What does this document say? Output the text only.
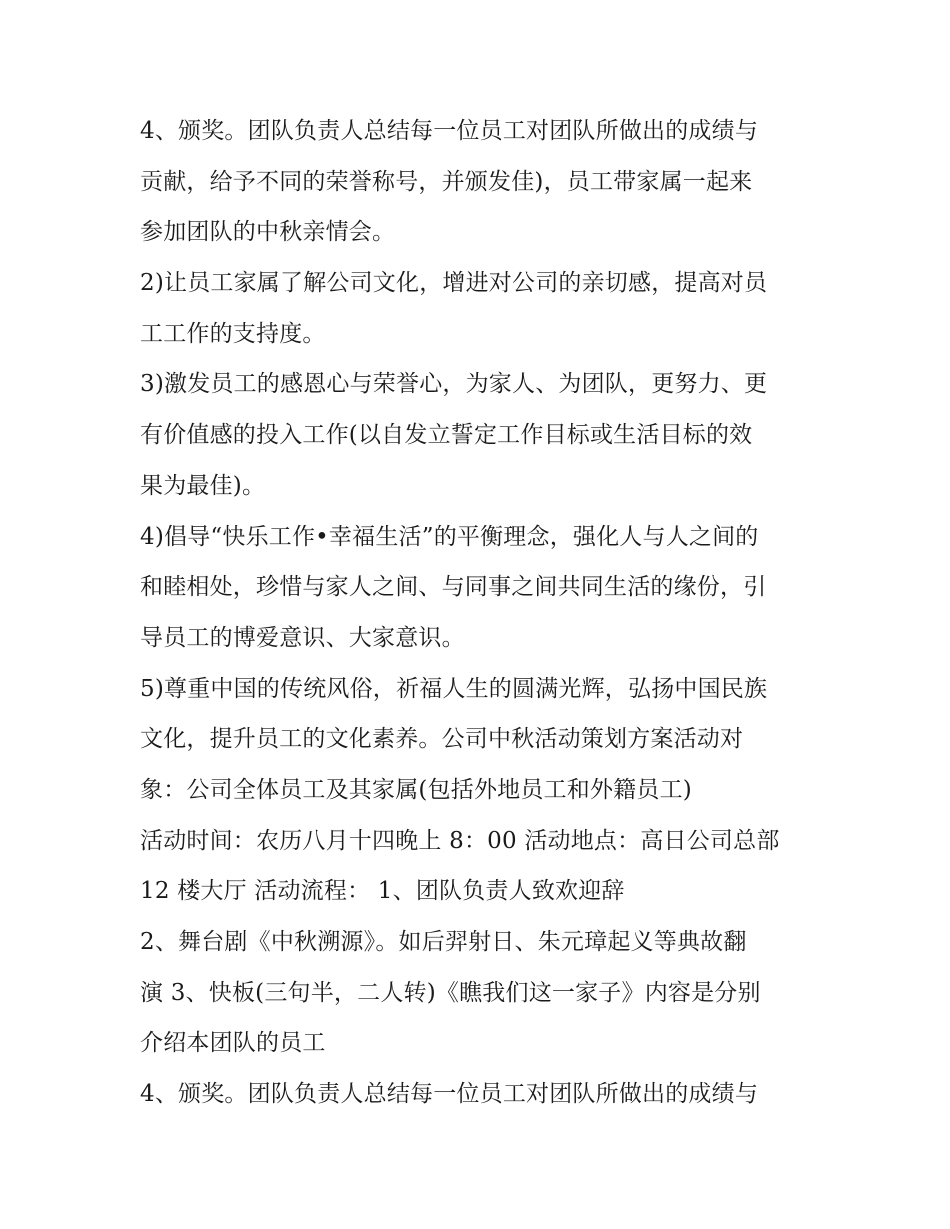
4、颁奖。团队负责人总结每一位员工对团队所做出的成绩与
贡献，给予不同的荣誉称号，并颁发佳)，员工带家属一起来
参加团队的中秋亲情会。
2)让员工家属了解公司文化，增进对公司的亲切感，提高对员
工工作的支持度。
3)激发员工的感恩心与荣誉心，为家人、为团队，更努力、更
有价值感的投入工作(以自发立誓定工作目标或生活目标的效
果为最佳)。
4)倡导“快乐工作•幸福生活”的平衡理念，强化人与人之间的
和睦相处，珍惜与家人之间、与同事之间共同生活的缘份，引
导员工的博爱意识、大家意识。
5)尊重中国的传统风俗，祈福人生的圆满光辉，弘扬中国民族
文化，提升员工的文化素养。公司中秋活动策划方案活动对
象：公司全体员工及其家属(包括外地员工和外籍员工)
活动时间：农历八月十四晚上 8：00 活动地点：高日公司总部
12 楼大厅 活动流程： 1、团队负责人致欢迎辞
2、舞台剧《中秋溯源》。如后羿射日、朱元璋起义等典故翻
演 3、快板(三句半，二人转)《瞧我们这一家子》内容是分别
介绍本团队的员工
4、颁奖。团队负责人总结每一位员工对团队所做出的成绩与
